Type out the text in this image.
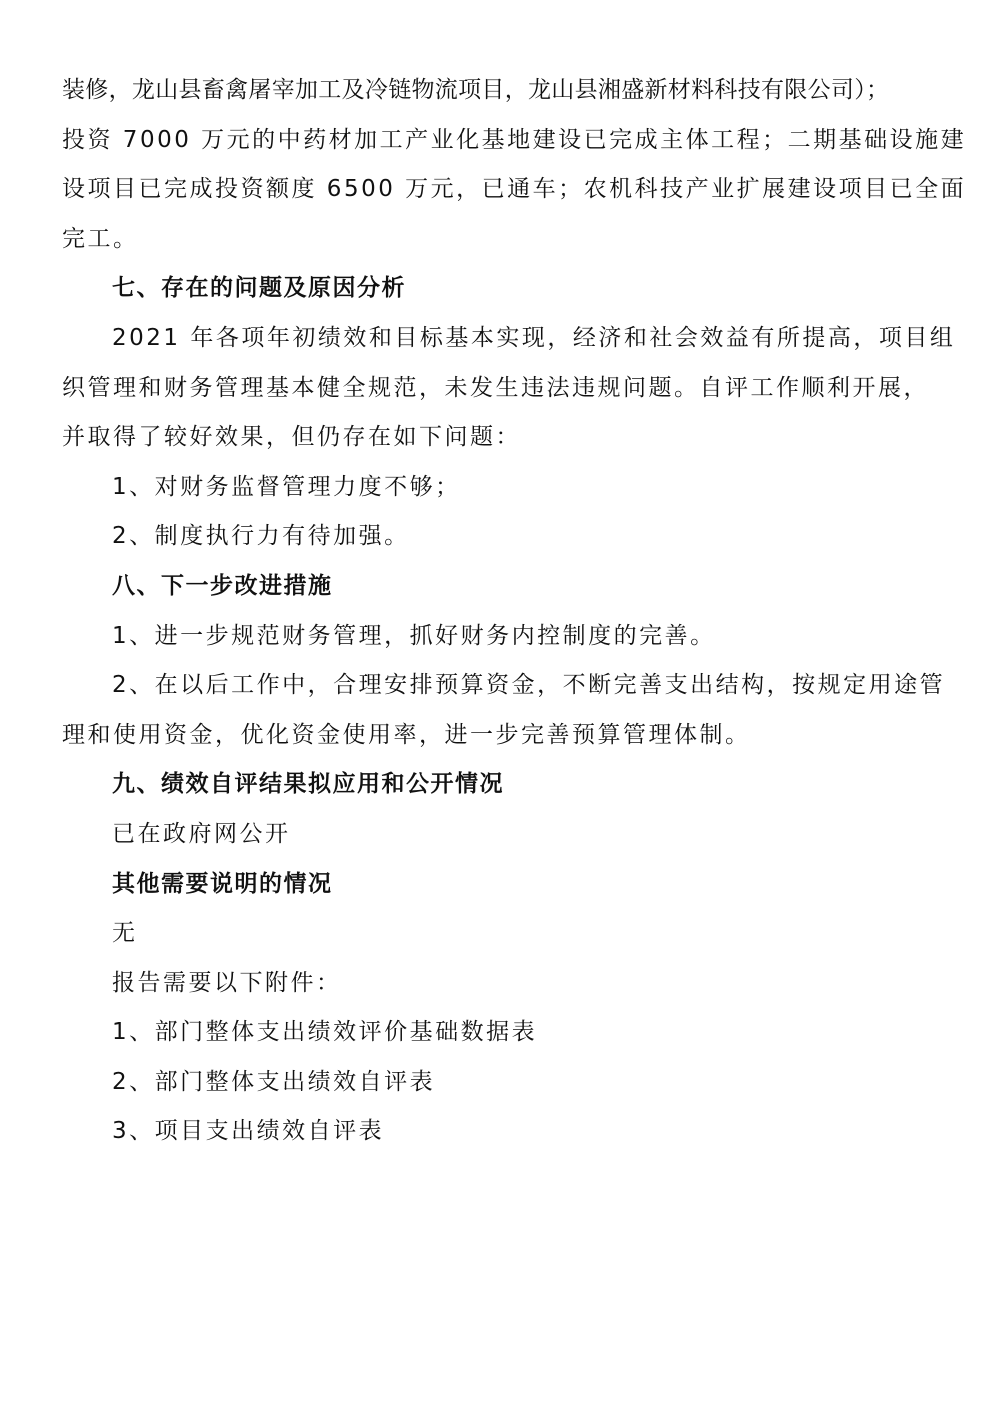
装修，龙山县畜禽屠宰加工及冷链物流项目，龙山县湘盛新材料科技有限公司）；
投资 7000 万元的中药材加工产业化基地建设已完成主体工程；二期基础设施建
设项目已完成投资额度 6500 万元，已通车；农机科技产业扩展建设项目已全面
完工。
七、存在的问题及原因分析
2021 年各项年初绩效和目标基本实现，经济和社会效益有所提高，项目组
织管理和财务管理基本健全规范，未发生违法违规问题。自评工作顺利开展，
并取得了较好效果，但仍存在如下问题：
1、对财务监督管理力度不够；
2、制度执行力有待加强。
八、下一步改进措施
1、进一步规范财务管理，抓好财务内控制度的完善。
2、在以后工作中，合理安排预算资金，不断完善支出结构，按规定用途管
理和使用资金，优化资金使用率，进一步完善预算管理体制。
九、绩效自评结果拟应用和公开情况
已在政府网公开
其他需要说明的情况
无
报告需要以下附件：
1、部门整体支出绩效评价基础数据表
2、部门整体支出绩效自评表
3、项目支出绩效自评表
